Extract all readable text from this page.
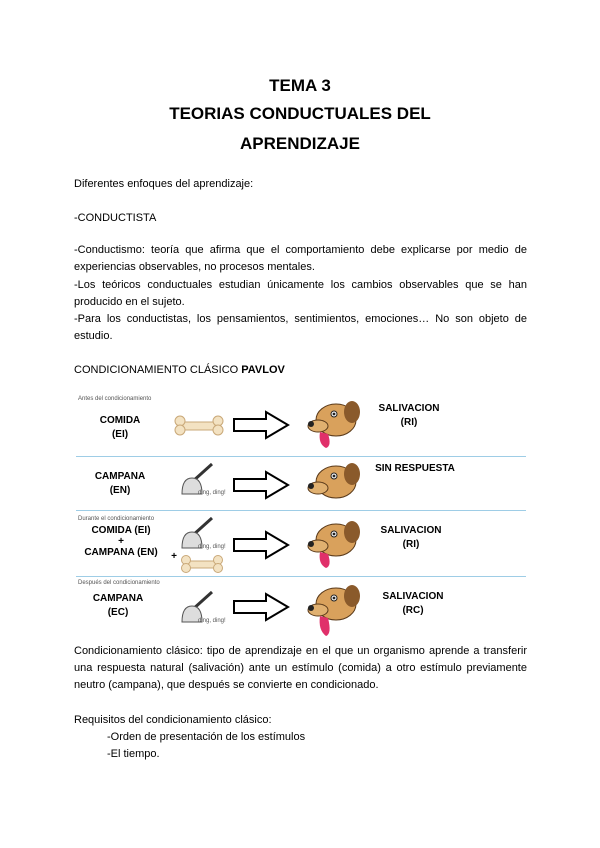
TEMA 3
TEORIAS CONDUCTUALES DEL
APRENDIZAJE
Diferentes enfoques del aprendizaje:
-CONDUCTISTA
-Conductismo: teoría que afirma que el comportamiento debe explicarse por medio de
experiencias observables, no procesos mentales.
-Los teóricos conductuales estudian únicamente los cambios observables que se han
producido en el sujeto.
-Para los conductistas, los pensamientos, sentimientos, emociones… No son objeto de
estudio.
CONDICIONAMIENTO CLÁSICO PAVLOV
Antes del condicionamiento
COMIDA
(EI)
SALIVACION
(RI)
CAMPANA
(EN)	ding, ding!
SIN RESPUESTA
Durante el condicionamiento
COMIDA (EI)
+
CAMPANA (EN)	ding, ding!
+
SALIVACION
(RI)
Después del condicionamiento
CAMPANA
(EC)
ding, ding!
SALIVACION
(RC)
Condicionamiento clásico: tipo de aprendizaje en el que un organismo aprende a transferir
una respuesta natural (salivación) ante un estímulo (comida) a otro estímulo previamente
neutro (campana), que después se convierte en condicionado.
Requisitos del condicionamiento clásico:
-Orden de presentación de los estímulos
-El tiempo.
